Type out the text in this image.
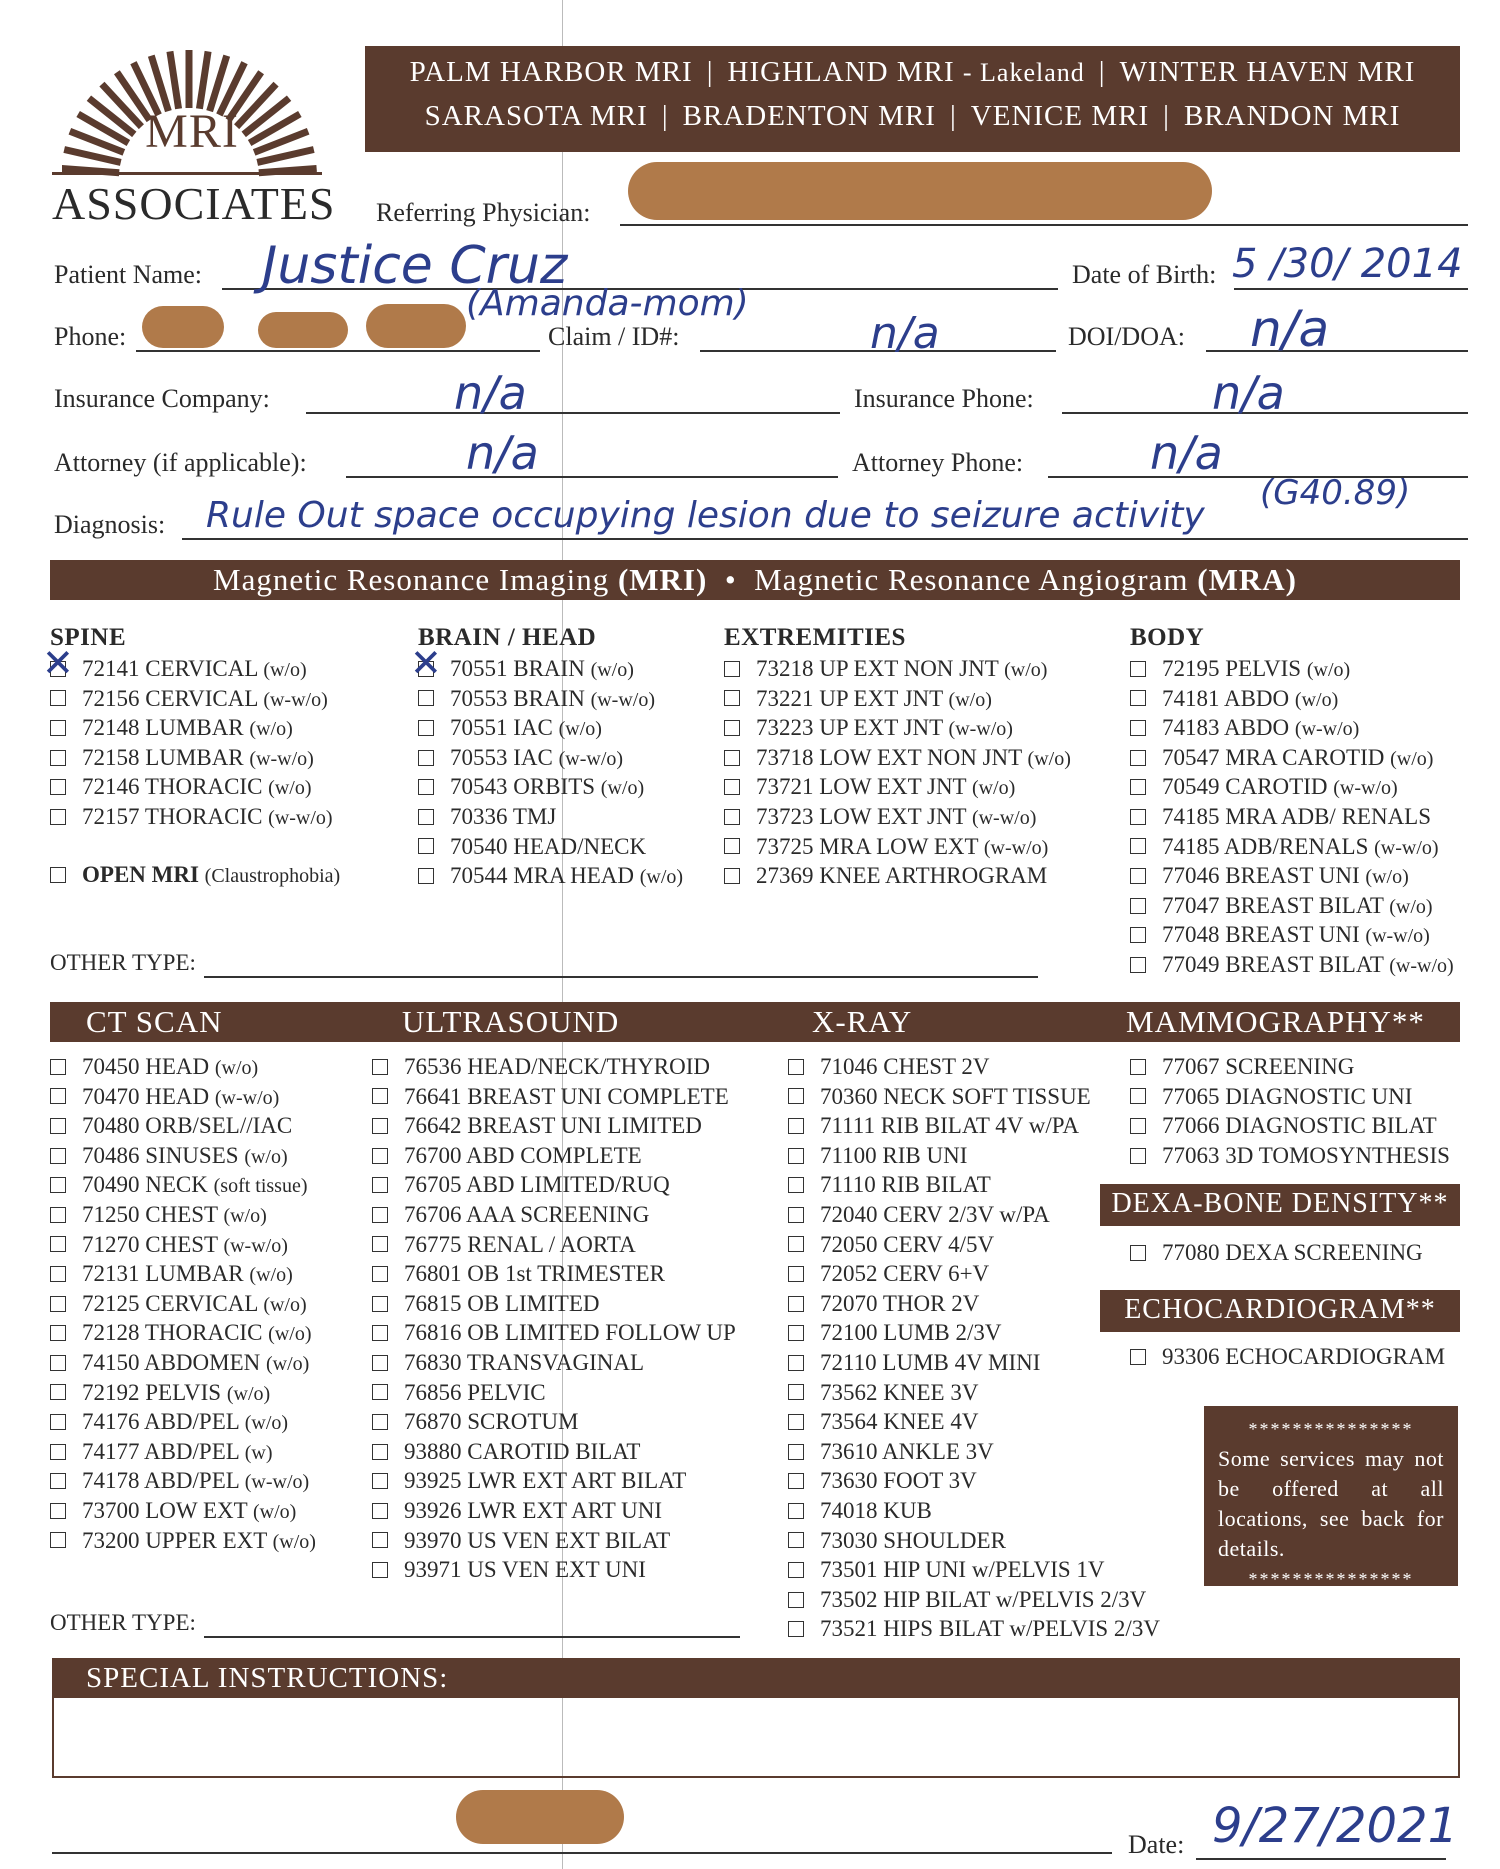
MRI
ASSOCIATES
PALM HARBOR MRI | HIGHLAND MRI - Lakeland | WINTER HAVEN MRI
SARASOTA MRI | BRADENTON MRI | VENICE MRI | BRANDON MRI
Referring Physician:
Patient Name: Justice Cruz	Date of Birth: 5 /30/ 2014
Phone:
(Amanda-mom)
Claim / ID#:	n/a	DOI/DOA: n/a
Insurance Company:	n/a	Insurance Phone:	n/a
Attorney (if applicable):	n/a	Attorney Phone:	n/a
Diagnosis: Rule Out space occupying lesion due to seizure activity
(G40.89)
Magnetic Resonance Imaging (MRI) • Magnetic Resonance Angiogram (MRA)
SPINE	BRAIN / HEAD	EXTREMITIES	BODY
72141 CERVICAL (w/o)
✕
72156 CERVICAL (w-w/o)
72148 LUMBAR (w/o)
72158 LUMBAR (w-w/o)
72146 THORACIC (w/o)
72157 THORACIC (w-w/o)
70551 BRAIN (w/o)
✕
70553 BRAIN (w-w/o)
70551 IAC (w/o)
70553 IAC (w-w/o)
70543 ORBITS (w/o)
70336 TMJ
70540 HEAD/NECK
70544 MRA HEAD (w/o)
73218 UP EXT NON JNT (w/o)
73221 UP EXT JNT (w/o)
73223 UP EXT JNT (w-w/o)
73718 LOW EXT NON JNT (w/o)
73721 LOW EXT JNT (w/o)
73723 LOW EXT JNT (w-w/o)
73725 MRA LOW EXT (w-w/o)
27369 KNEE ARTHROGRAM
72195 PELVIS (w/o)
74181 ABDO (w/o)
74183 ABDO (w-w/o)
70547 MRA CAROTID (w/o)
70549 CAROTID (w-w/o)
74185 MRA ADB/ RENALS
74185 ADB/RENALS (w-w/o)
77046 BREAST UNI (w/o)
77047 BREAST BILAT (w/o)
77048 BREAST UNI (w-w/o)
77049 BREAST BILAT (w-w/o)
OPEN MRI (Claustrophobia)
OTHER TYPE:
CT SCAN	ULTRASOUND	X-RAY	MAMMOGRAPHY**
70450 HEAD (w/o)
70470 HEAD (w-w/o)
70480 ORB/SEL//IAC
70486 SINUSES (w/o)
70490 NECK (soft tissue)
71250 CHEST (w/o)
71270 CHEST (w-w/o)
72131 LUMBAR (w/o)
72125 CERVICAL (w/o)
72128 THORACIC (w/o)
74150 ABDOMEN (w/o)
72192 PELVIS (w/o)
74176 ABD/PEL (w/o)
74177 ABD/PEL (w)
74178 ABD/PEL (w-w/o)
73700 LOW EXT (w/o)
73200 UPPER EXT (w/o)
76536 HEAD/NECK/THYROID
76641 BREAST UNI COMPLETE
76642 BREAST UNI LIMITED
76700 ABD COMPLETE
76705 ABD LIMITED/RUQ
76706 AAA SCREENING
76775 RENAL / AORTA
76801 OB 1st TRIMESTER
76815 OB LIMITED
76816 OB LIMITED FOLLOW UP
76830 TRANSVAGINAL
76856 PELVIC
76870 SCROTUM
93880 CAROTID BILAT
93925 LWR EXT ART BILAT
93926 LWR EXT ART UNI
93970 US VEN EXT BILAT
93971 US VEN EXT UNI
71046 CHEST 2V
70360 NECK SOFT TISSUE
71111 RIB BILAT 4V w/PA
71100 RIB UNI
71110 RIB BILAT
72040 CERV 2/3V w/PA
72050 CERV 4/5V
72052 CERV 6+V
72070 THOR 2V
72100 LUMB 2/3V
72110 LUMB 4V MINI
73562 KNEE 3V
73564 KNEE 4V
73610 ANKLE 3V
73630 FOOT 3V
74018 KUB
73030 SHOULDER
73501 HIP UNI w/PELVIS 1V
73502 HIP BILAT w/PELVIS 2/3V
73521 HIPS BILAT w/PELVIS 2/3V
77067 SCREENING
77065 DIAGNOSTIC UNI
77066 DIAGNOSTIC BILAT
77063 3D TOMOSYNTHESIS
DEXA-BONE DENSITY**
77080 DEXA SCREENING
ECHOCARDIOGRAM**
93306 ECHOCARDIOGRAM
***************
Some services may not be offered at all locations, see back for details.
***************
OTHER TYPE:
SPECIAL INSTRUCTIONS:
Date: 9/27/2021
